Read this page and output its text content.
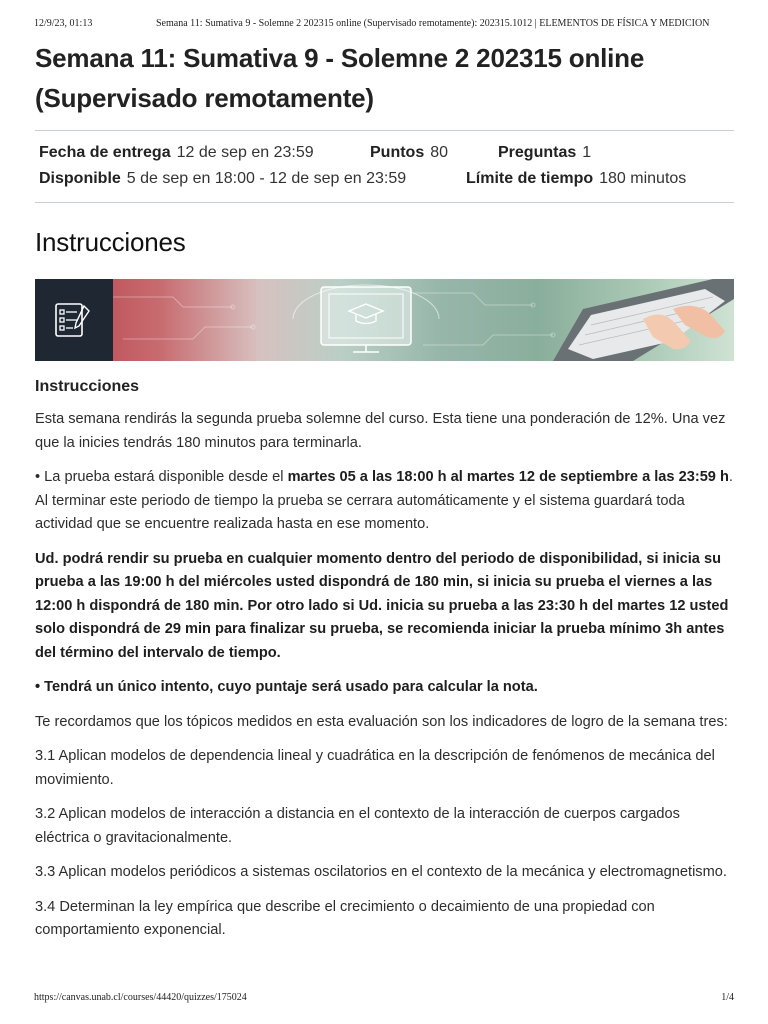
12/9/23, 01:13	Semana 11: Sumativa 9 - Solemne 2 202315 online (Supervisado remotamente): 202315.1012 | ELEMENTOS DE FÍSICA Y MEDICION
Semana 11: Sumativa 9 - Solemne 2 202315 online
(Supervisado remotamente)
Fecha de entrega 12 de sep en 23:59	Puntos 80	Preguntas 1
Disponible 5 de sep en 18:00 - 12 de sep en 23:59	Límite de tiempo 180 minutos
Instrucciones
Instrucciones

Esta semana rendirás la segunda prueba solemne del curso. Esta tiene una ponderación de 12%. Una vez que la inicies tendrás 180 minutos para terminarla.

• La prueba estará disponible desde el martes 05 a las 18:00 h al martes 12 de septiembre a las 23:59 h. Al terminar este periodo de tiempo la prueba se cerrara automáticamente y el sistema guardará toda actividad que se encuentre realizada hasta en ese momento.

Ud. podrá rendir su prueba en cualquier momento dentro del periodo de disponibilidad, si inicia su prueba a las 19:00 h del miércoles usted dispondrá de 180 min, si inicia su prueba el viernes a las 12:00 h dispondrá de 180 min. Por otro lado si Ud. inicia su prueba a las 23:30 h del martes 12 usted solo dispondrá de 29 min para finalizar su prueba, se recomienda iniciar la prueba mínimo 3h antes del término del intervalo de tiempo.

• Tendrá un único intento, cuyo puntaje será usado para calcular la nota.

Te recordamos que los tópicos medidos en esta evaluación son los indicadores de logro de la semana tres:

3.1 Aplican modelos de dependencia lineal y cuadrática en la descripción de fenómenos de mecánica del movimiento.

3.2 Aplican modelos de interacción a distancia en el contexto de la interacción de cuerpos cargados eléctrica o gravitacionalmente.

3.3 Aplican modelos periódicos a sistemas oscilatorios en el contexto de la mecánica y electromagnetismo.

3.4 Determinan la ley empírica que describe el crecimiento o decaimiento de una propiedad con comportamiento exponencial.

https://canvas.unab.cl/courses/44420/quizzes/175024	1/4
